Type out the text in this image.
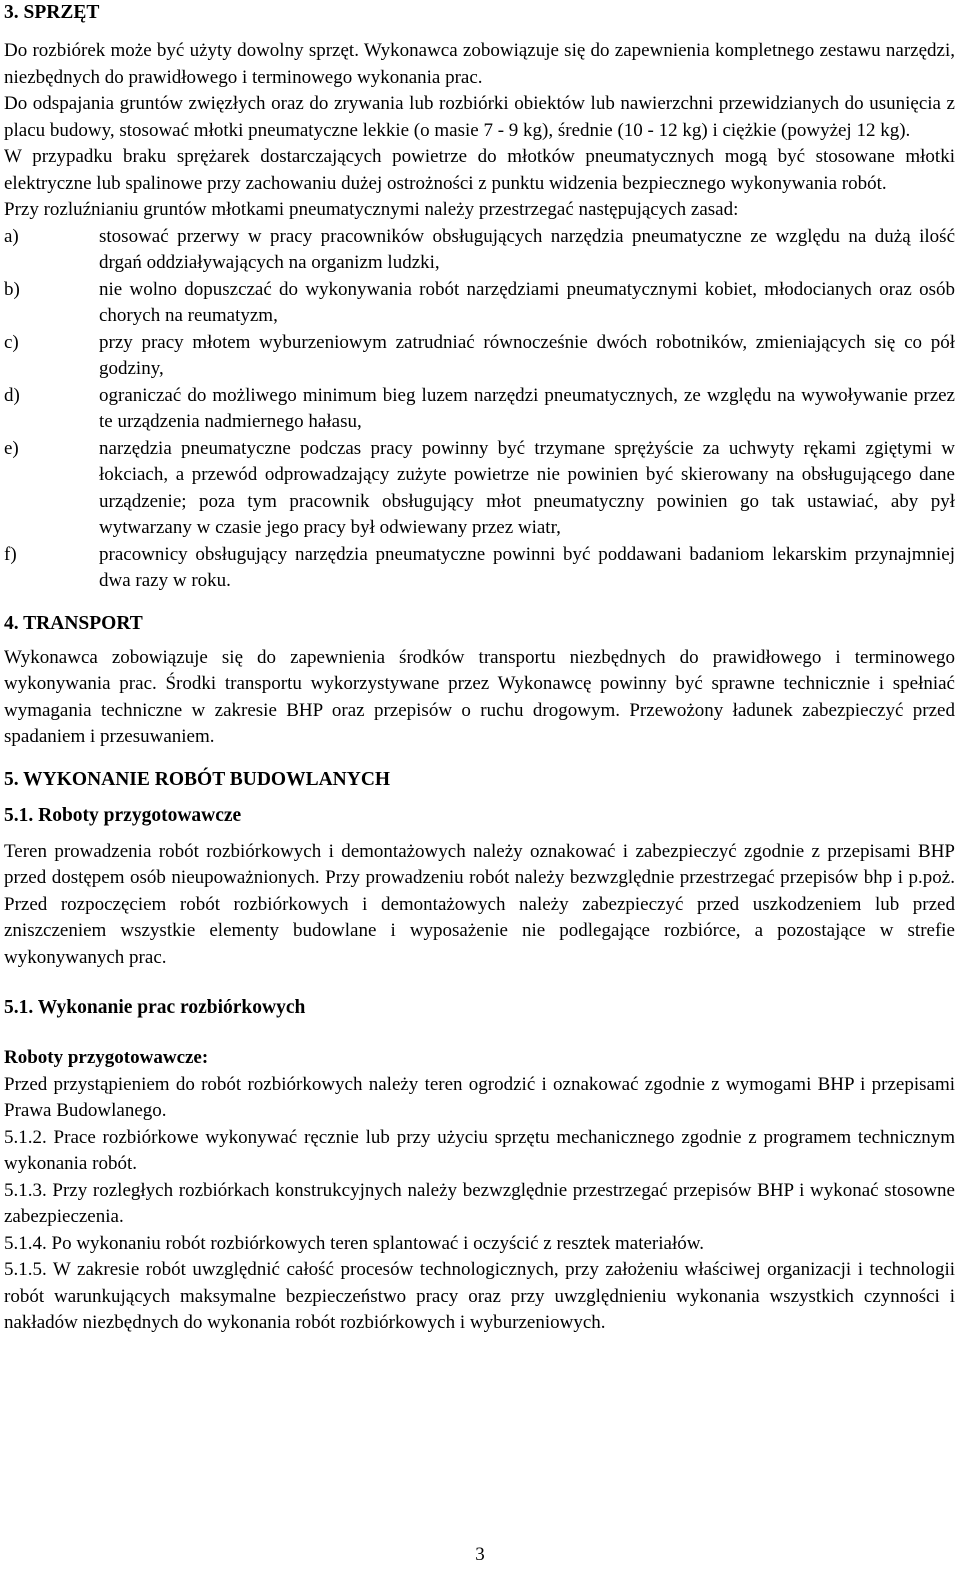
3. SPRZĘT

Do rozbiórek może być użyty dowolny sprzęt. Wykonawca zobowiązuje się do zapewnienia kompletnego zestawu narzędzi, niezbędnych do prawidłowego i terminowego wykonania prac.

Do odspajania gruntów zwięzłych oraz do zrywania lub rozbiórki obiektów lub nawierzchni przewidzianych do usunięcia z placu budowy, stosować młotki pneumatyczne lekkie (o masie 7 - 9 kg), średnie (10 - 12 kg) i ciężkie (powyżej 12 kg).

W przypadku braku sprężarek dostarczających powietrze do młotków pneumatycznych mogą być stosowane młotki elektryczne lub spalinowe przy zachowaniu dużej ostrożności z punktu widzenia bezpiecznego wykonywania robót.

Przy rozluźnianiu gruntów młotkami pneumatycznymi należy przestrzegać następujących zasad:

a)	stosować przerwy w pracy pracowników obsługujących narzędzia pneumatyczne ze względu na dużą ilość drgań oddziaływających na organizm ludzki,
b)	nie wolno dopuszczać do wykonywania robót narzędziami pneumatycznymi kobiet, młodocianych oraz osób chorych na reumatyzm,
c)	przy pracy młotem wyburzeniowym zatrudniać równocześnie dwóch robotników, zmieniających się co pół godziny,
d)	ograniczać do możliwego minimum bieg luzem narzędzi pneumatycznych, ze względu na wywoływanie przez te urządzenia nadmiernego hałasu,
e)	narzędzia pneumatyczne podczas pracy powinny być trzymane sprężyście za uchwyty rękami zgiętymi w łokciach, a przewód odprowadzający zużyte powietrze nie powinien być skierowany na obsługującego dane urządzenie; poza tym pracownik obsługujący młot pneumatyczny powinien go tak ustawiać, aby pył wytwarzany w czasie jego pracy był odwiewany przez wiatr,
f)	pracownicy obsługujący narzędzia pneumatyczne powinni być poddawani badaniom lekarskim przynajmniej dwa razy w roku.
4. TRANSPORT

Wykonawca zobowiązuje się do zapewnienia środków transportu niezbędnych do prawidłowego i terminowego wykonywania prac. Środki transportu wykorzystywane przez Wykonawcę powinny być sprawne technicznie i spełniać wymagania techniczne w zakresie BHP oraz przepisów o ruchu drogowym. Przewożony ładunek zabezpieczyć przed spadaniem i przesuwaniem.

5. WYKONANIE ROBÓT BUDOWLANYCH
5.1. Roboty przygotowawcze

Teren prowadzenia robót rozbiórkowych i demontażowych należy oznakować i zabezpieczyć zgodnie z przepisami BHP przed dostępem osób nieupoważnionych. Przy prowadzeniu robót należy bezwzględnie przestrzegać przepisów bhp i p.poż. Przed rozpoczęciem robót rozbiórkowych i demontażowych należy zabezpieczyć przed uszkodzeniem lub przed zniszczeniem wszystkie elementy budowlane i wyposażenie nie podlegające rozbiórce, a pozostające w strefie wykonywanych prac.

5.1. Wykonanie prac rozbiórkowych
Roboty przygotowawcze:

Przed przystąpieniem do robót rozbiórkowych należy teren ogrodzić i oznakować zgodnie z wymogami BHP i przepisami Prawa Budowlanego.

5.1.2. Prace rozbiórkowe wykonywać ręcznie lub przy użyciu sprzętu mechanicznego zgodnie z programem technicznym wykonania robót.

5.1.3. Przy rozległych rozbiórkach konstrukcyjnych należy bezwzględnie przestrzegać przepisów BHP i wykonać stosowne zabezpieczenia.

5.1.4. Po wykonaniu robót rozbiórkowych teren splantować i oczyścić z resztek materiałów.

5.1.5. W zakresie robót uwzględnić całość procesów technologicznych, przy założeniu właściwej organizacji i technologii robót warunkujących maksymalne bezpieczeństwo pracy oraz przy uwzględnieniu wykonania wszystkich czynności i nakładów niezbędnych do wykonania robót rozbiórkowych i wyburzeniowych.

3
